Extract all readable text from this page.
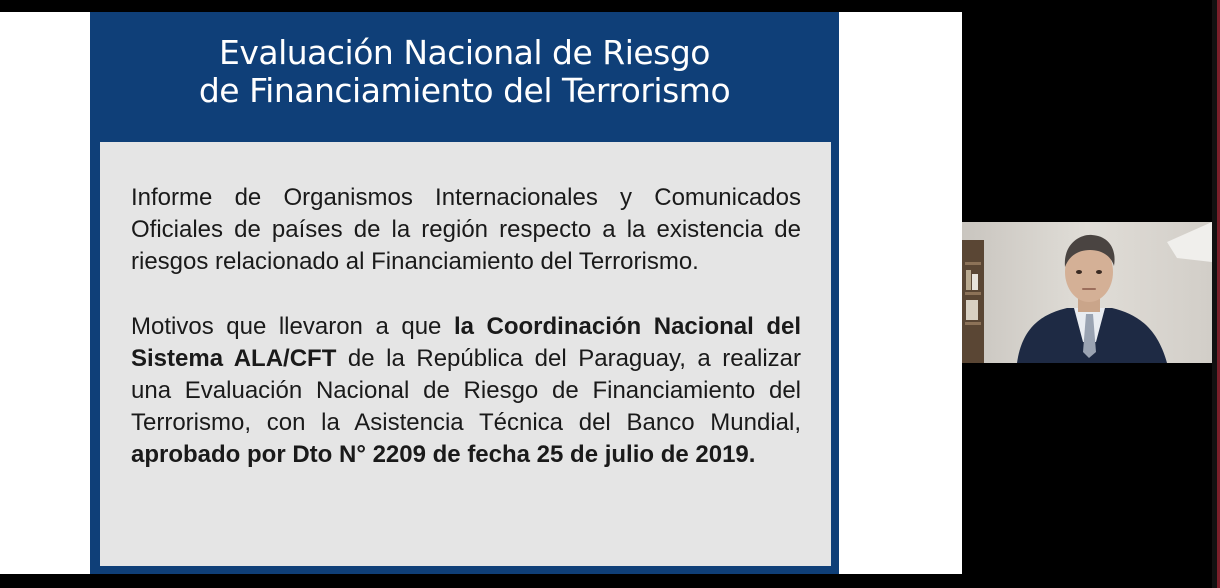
Evaluación Nacional de Riesgo
de Financiamiento del Terrorismo

Informe de Organismos Internacionales y Comunicados Oficiales de países de la región respecto a la existencia de riesgos relacionado al Financiamiento del Terrorismo.

Motivos que llevaron a que la Coordinación Nacional del Sistema ALA/CFT de la República del Paraguay, a realizar una Evaluación Nacional de Riesgo de Financiamiento del Terrorismo, con la Asistencia Técnica del Banco Mundial, aprobado por Dto N° 2209 de fecha 25 de julio de 2019.
